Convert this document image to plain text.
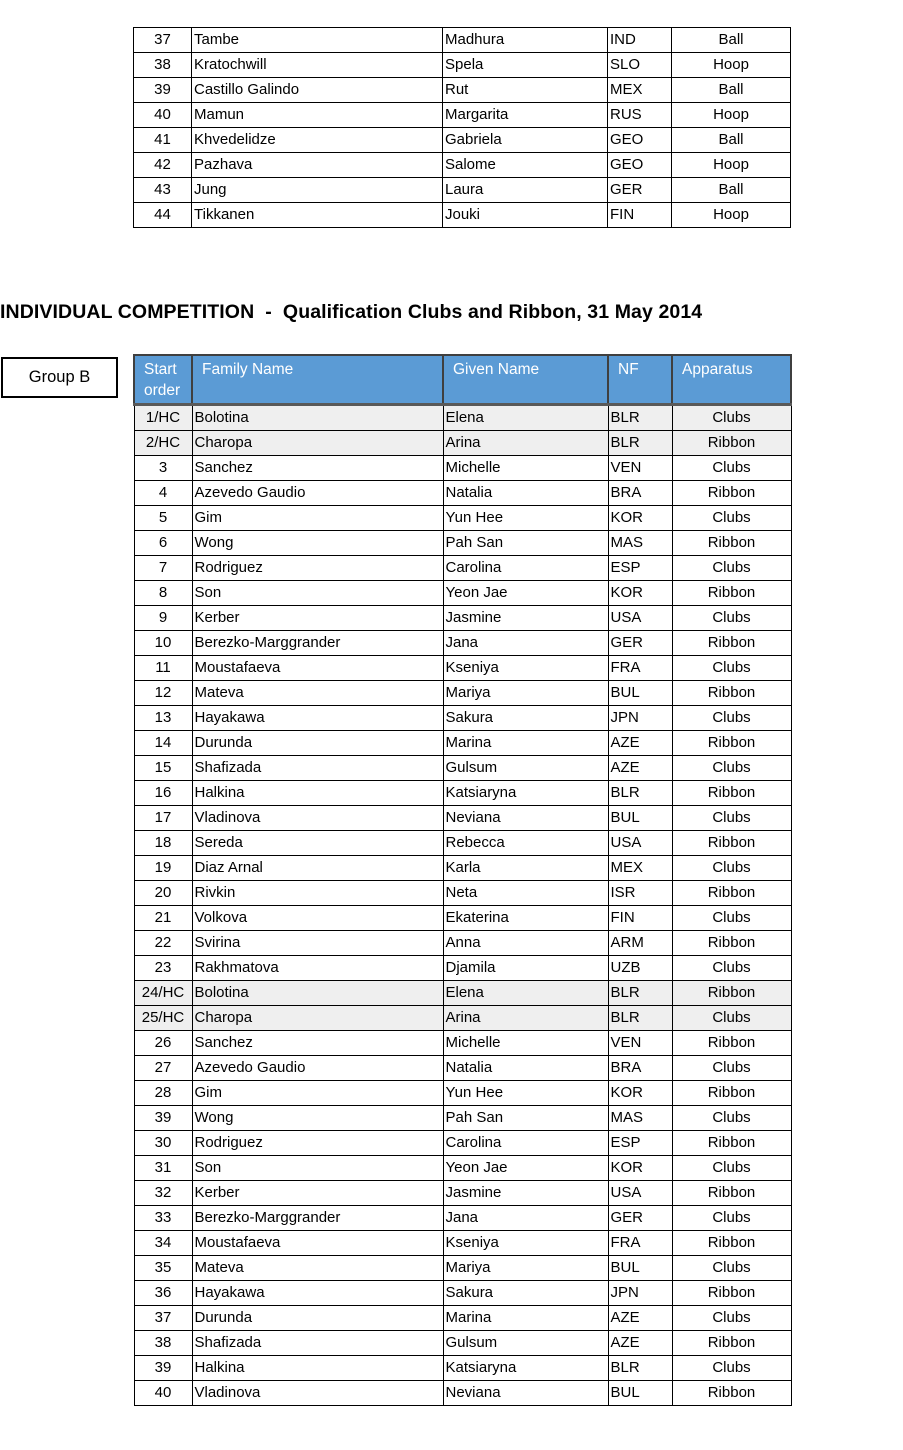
37	Tambe	Madhura	IND	Ball
38	Kratochwill	Spela	SLO	Hoop
39	Castillo Galindo	Rut	MEX	Ball
40	Mamun	Margarita	RUS	Hoop
41	Khvedelidze	Gabriela	GEO	Ball
42	Pazhava	Salome	GEO	Hoop
43	Jung	Laura	GER	Ball
44	Tikkanen	Jouki	FIN	Hoop
INDIVIDUAL COMPETITION  -  Qualification Clubs and Ribbon, 31 May 2014
Group B	Start order	Family Name	Given Name	NF	Apparatus
1/HC	Bolotina	Elena	BLR	Clubs
2/HC	Charopa	Arina	BLR	Ribbon
3	Sanchez	Michelle	VEN	Clubs
4	Azevedo Gaudio	Natalia	BRA	Ribbon
5	Gim	Yun Hee	KOR	Clubs
6	Wong	Pah San	MAS	Ribbon
7	Rodriguez	Carolina	ESP	Clubs
8	Son	Yeon Jae	KOR	Ribbon
9	Kerber	Jasmine	USA	Clubs
10	Berezko-Marggrander	Jana	GER	Ribbon
11	Moustafaeva	Kseniya	FRA	Clubs
12	Mateva	Mariya	BUL	Ribbon
13	Hayakawa	Sakura	JPN	Clubs
14	Durunda	Marina	AZE	Ribbon
15	Shafizada	Gulsum	AZE	Clubs
16	Halkina	Katsiaryna	BLR	Ribbon
17	Vladinova	Neviana	BUL	Clubs
18	Sereda	Rebecca	USA	Ribbon
19	Diaz Arnal	Karla	MEX	Clubs
20	Rivkin	Neta	ISR	Ribbon
21	Volkova	Ekaterina	FIN	Clubs
22	Svirina	Anna	ARM	Ribbon
23	Rakhmatova	Djamila	UZB	Clubs
24/HC	Bolotina	Elena	BLR	Ribbon
25/HC	Charopa	Arina	BLR	Clubs
26	Sanchez	Michelle	VEN	Ribbon
27	Azevedo Gaudio	Natalia	BRA	Clubs
28	Gim	Yun Hee	KOR	Ribbon
39	Wong	Pah San	MAS	Clubs
30	Rodriguez	Carolina	ESP	Ribbon
31	Son	Yeon Jae	KOR	Clubs
32	Kerber	Jasmine	USA	Ribbon
33	Berezko-Marggrander	Jana	GER	Clubs
34	Moustafaeva	Kseniya	FRA	Ribbon
35	Mateva	Mariya	BUL	Clubs
36	Hayakawa	Sakura	JPN	Ribbon
37	Durunda	Marina	AZE	Clubs
38	Shafizada	Gulsum	AZE	Ribbon
39	Halkina	Katsiaryna	BLR	Clubs
40	Vladinova	Neviana	BUL	Ribbon
